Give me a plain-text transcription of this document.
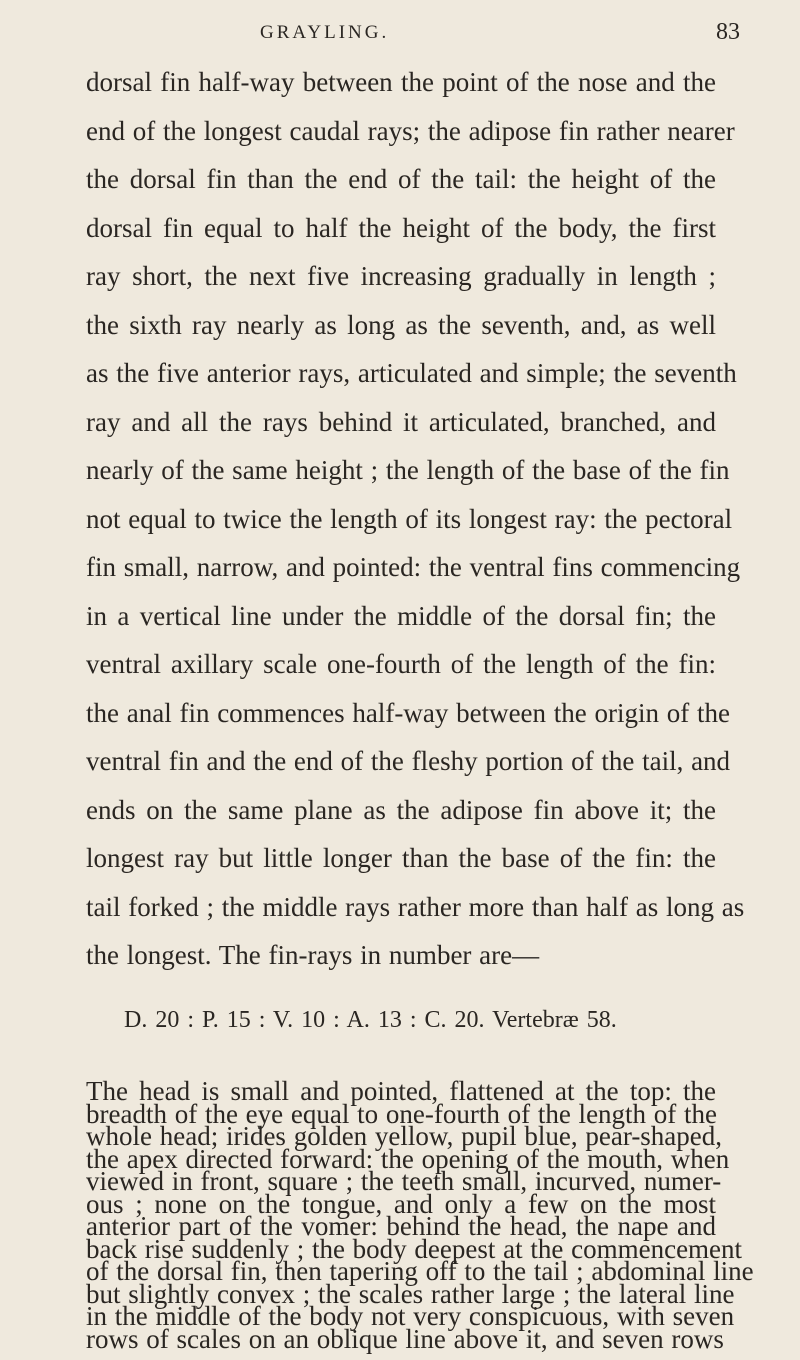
GRAYLING.	83
dorsal fin half-way between the point of the nose and the
end of the longest caudal rays; the adipose fin rather nearer
the dorsal fin than the end of the tail: the height of the
dorsal fin equal to half the height of the body, the first
ray short, the next five increasing gradually in length ;
the sixth ray nearly as long as the seventh, and, as well
as the five anterior rays, articulated and simple; the seventh
ray and all the rays behind it articulated, branched, and
nearly of the same height ; the length of the base of the fin
not equal to twice the length of its longest ray: the pectoral
fin small, narrow, and pointed: the ventral fins commencing
in a vertical line under the middle of the dorsal fin; the
ventral axillary scale one-fourth of the length of the fin:
the anal fin commences half-way between the origin of the
ventral fin and the end of the fleshy portion of the tail, and
ends on the same plane as the adipose fin above it; the
longest ray but little longer than the base of the fin: the
tail forked ; the middle rays rather more than half as long as
the longest. The fin-rays in number are—
D. 20 : P. 15 : V. 10 : A. 13 : C. 20. Vertebræ 58.
The head is small and pointed, flattened at the top: the
breadth of the eye equal to one-fourth of the length of the
whole head; irides golden yellow, pupil blue, pear-shaped,
the apex directed forward: the opening of the mouth, when
viewed in front, square ; the teeth small, incurved, numer-
ous ; none on the tongue, and only a few on the most
anterior part of the vomer: behind the head, the nape and
back rise suddenly ; the body deepest at the commencement
of the dorsal fin, then tapering off to the tail ; abdominal line
but slightly convex ; the scales rather large ; the lateral line
in the middle of the body not very conspicuous, with seven
rows of scales on an oblique line above it, and seven rows
